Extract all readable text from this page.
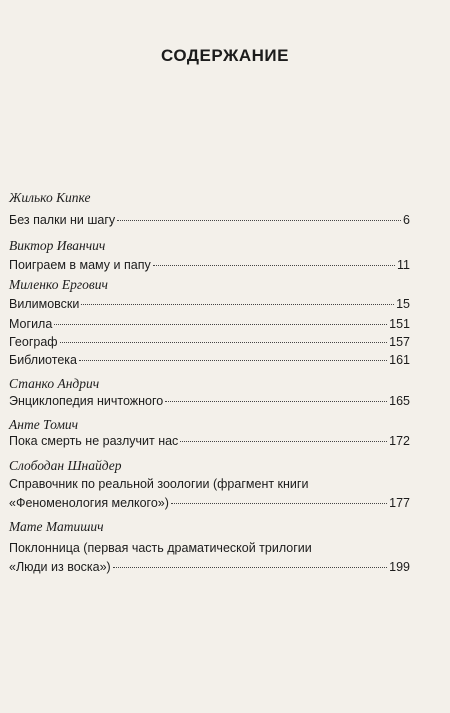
СОДЕРЖАНИЕ
Жилько Кипке
Без палки ни шагу	6
Виктор Иванчич
Поиграем в маму и папу	11
Миленко Ергович
Вилимовски	15
Могила	151
Географ	157
Библиотека	161
Станко Андрич
Энциклопедия ничтожного	165
Анте Томич
Пока смерть не разлучит нас	172
Слободан Шнайдер
Справочник по реальной зоологии (фрагмент книги
«Феноменология мелкого»)	177
Мате Матишич
Поклонница (первая часть драматической трилогии
«Люди из воска»)	199
